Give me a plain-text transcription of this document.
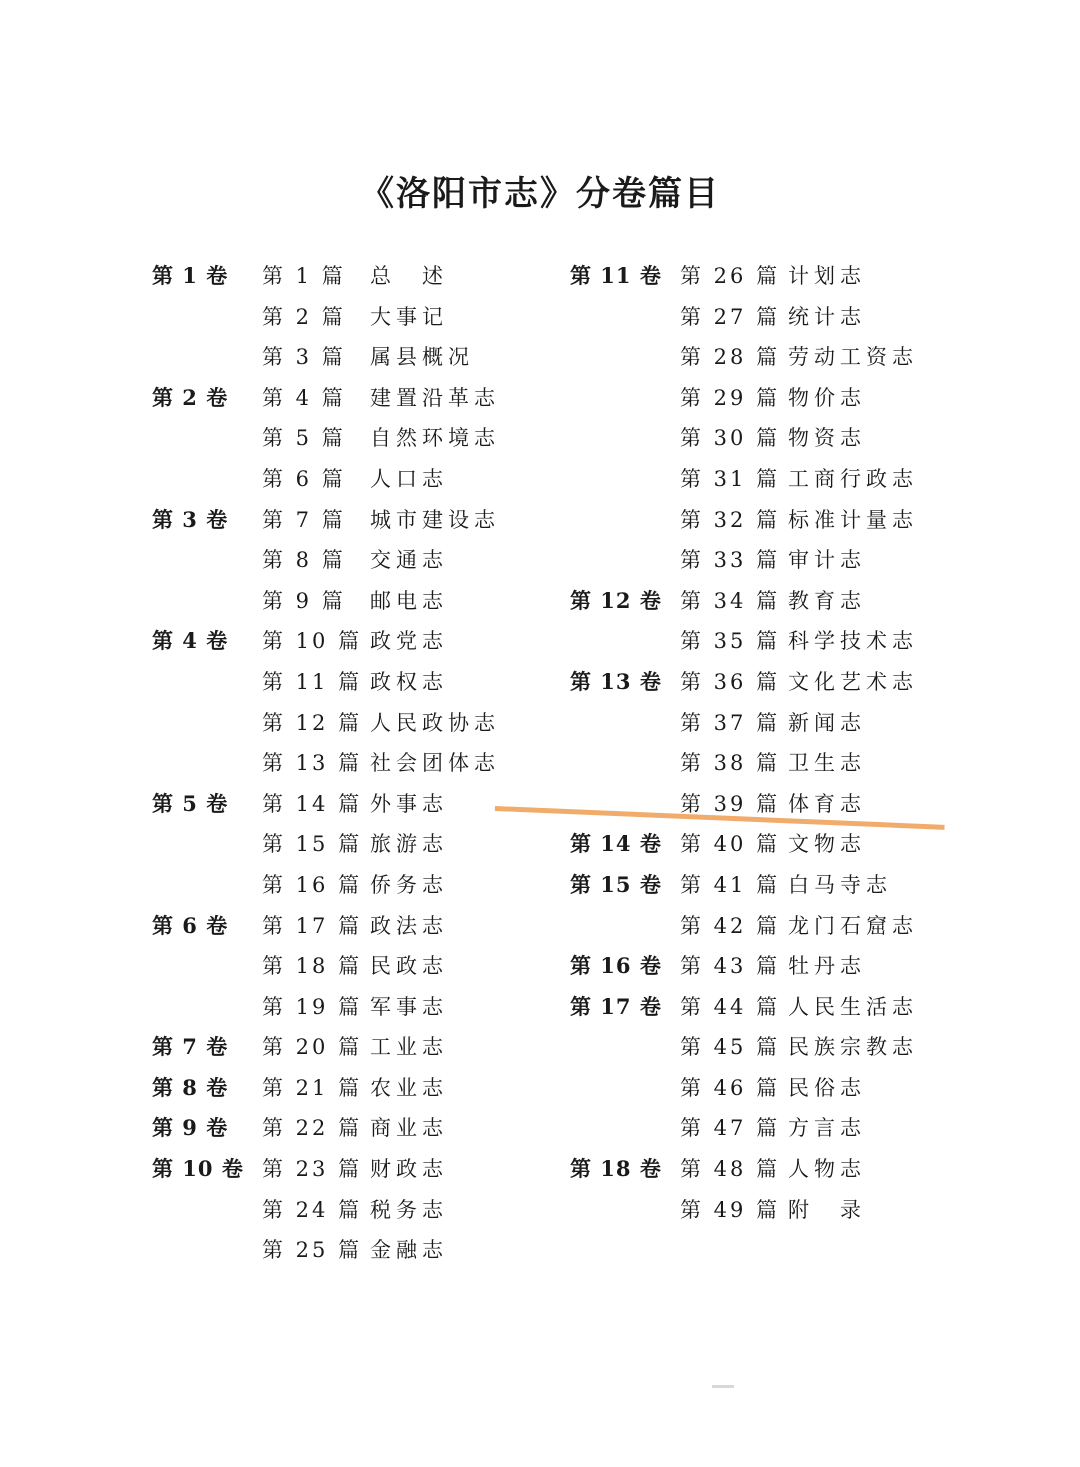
《洛阳市志》分卷篇目
第 1 卷 第 1 篇 总　述
第 2 篇 大事记
第 3 篇 属县概况
第 2 卷 第 4 篇 建置沿革志
第 5 篇 自然环境志
第 6 篇 人口志
第 3 卷 第 7 篇 城市建设志
第 8 篇 交通志
第 9 篇 邮电志
第 4 卷 第 10 篇 政党志
第 11 篇 政权志
第 12 篇 人民政协志
第 13 篇 社会团体志
第 5 卷 第 14 篇 外事志
第 15 篇 旅游志
第 16 篇 侨务志
第 6 卷 第 17 篇 政法志
第 18 篇 民政志
第 19 篇 军事志
第 7 卷 第 20 篇 工业志
第 8 卷 第 21 篇 农业志
第 9 卷 第 22 篇 商业志
第 10 卷 第 23 篇 财政志
第 24 篇 税务志
第 25 篇 金融志
第 11 卷 第 26 篇 计划志
第 27 篇 统计志
第 28 篇 劳动工资志
第 29 篇 物价志
第 30 篇 物资志
第 31 篇 工商行政志
第 32 篇 标准计量志
第 33 篇 审计志
第 12 卷 第 34 篇 教育志
第 35 篇 科学技术志
第 13 卷 第 36 篇 文化艺术志
第 37 篇 新闻志
第 38 篇 卫生志
第 39 篇 体育志
第 14 卷 第 40 篇 文物志
第 15 卷 第 41 篇 白马寺志
第 42 篇 龙门石窟志
第 16 卷 第 43 篇 牡丹志
第 17 卷 第 44 篇 人民生活志
第 45 篇 民族宗教志
第 46 篇 民俗志
第 47 篇 方言志
第 18 卷 第 48 篇 人物志
第 49 篇 附　录
